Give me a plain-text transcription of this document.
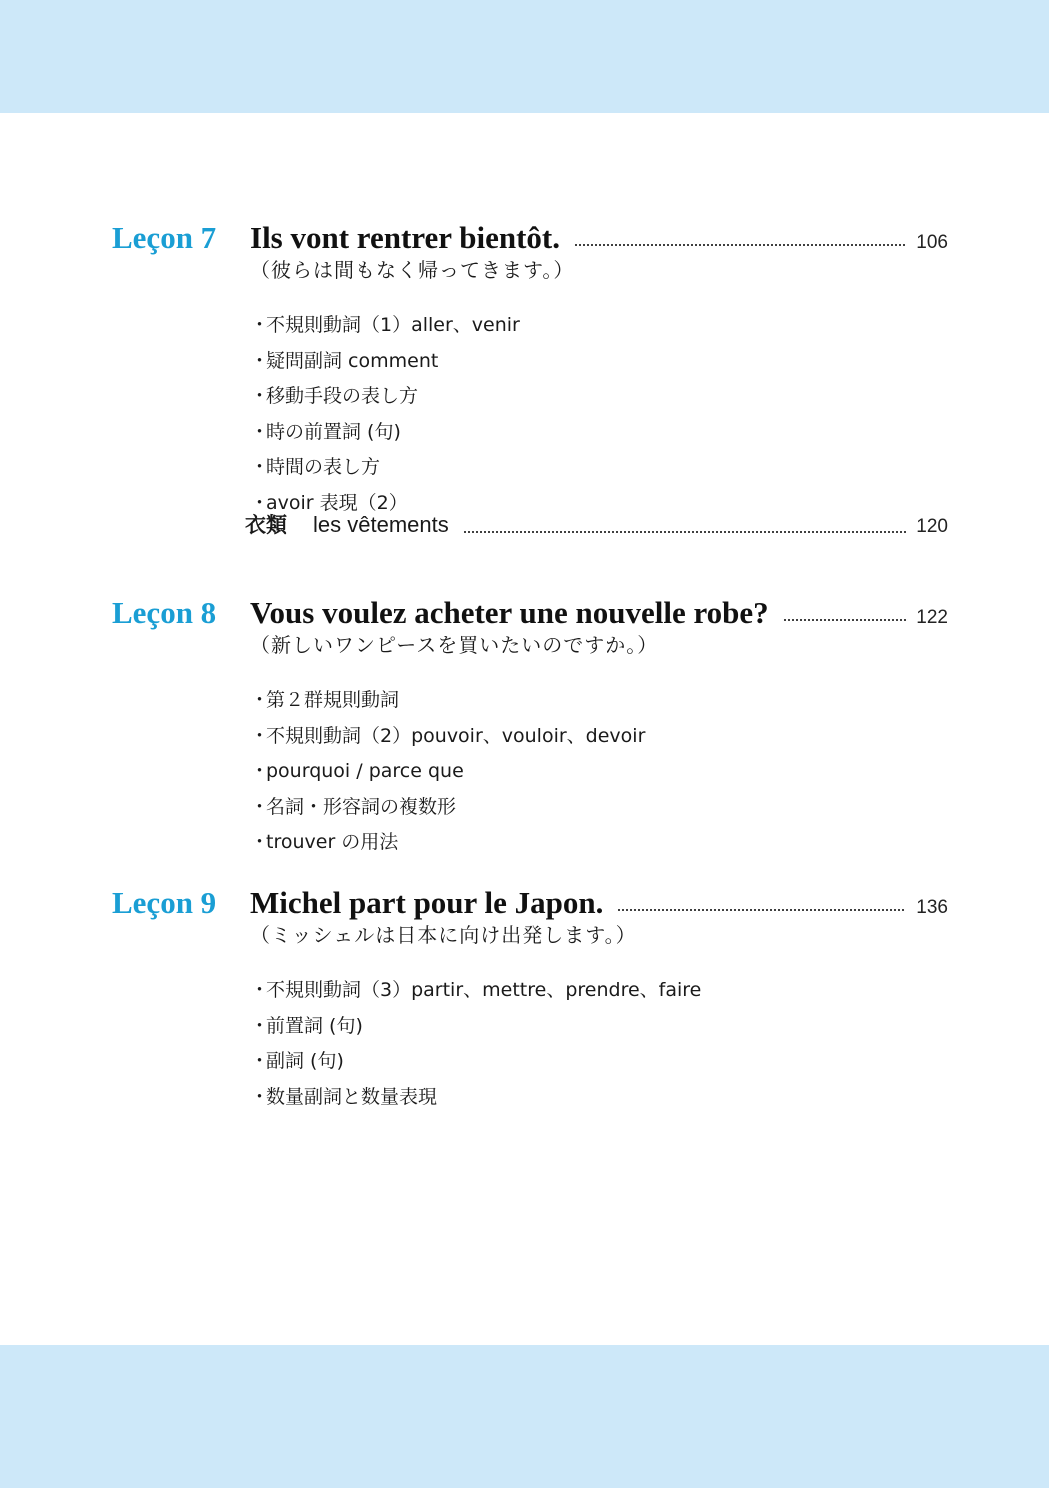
Leçon 7 Ils vont rentrer bientôt.	106
（彼らは間もなく帰ってきます。）
・不規則動詞（1）aller、venir
・疑問副詞 comment
・移動手段の表し方
・時の前置詞 (句)
・時間の表し方
・avoir 表現（2）
衣類 les vêtements	120
Leçon 8 Vous voulez acheter une nouvelle robe?	122
（新しいワンピースを買いたいのですか。）
・第２群規則動詞
・不規則動詞（2）pouvoir、vouloir、devoir
・pourquoi / parce que
・名詞・形容詞の複数形
・trouver の用法
Leçon 9 Michel part pour le Japon.	136
（ミッシェルは日本に向け出発します。）
・不規則動詞（3）partir、mettre、prendre、faire
・前置詞 (句)
・副詞 (句)
・数量副詞と数量表現
